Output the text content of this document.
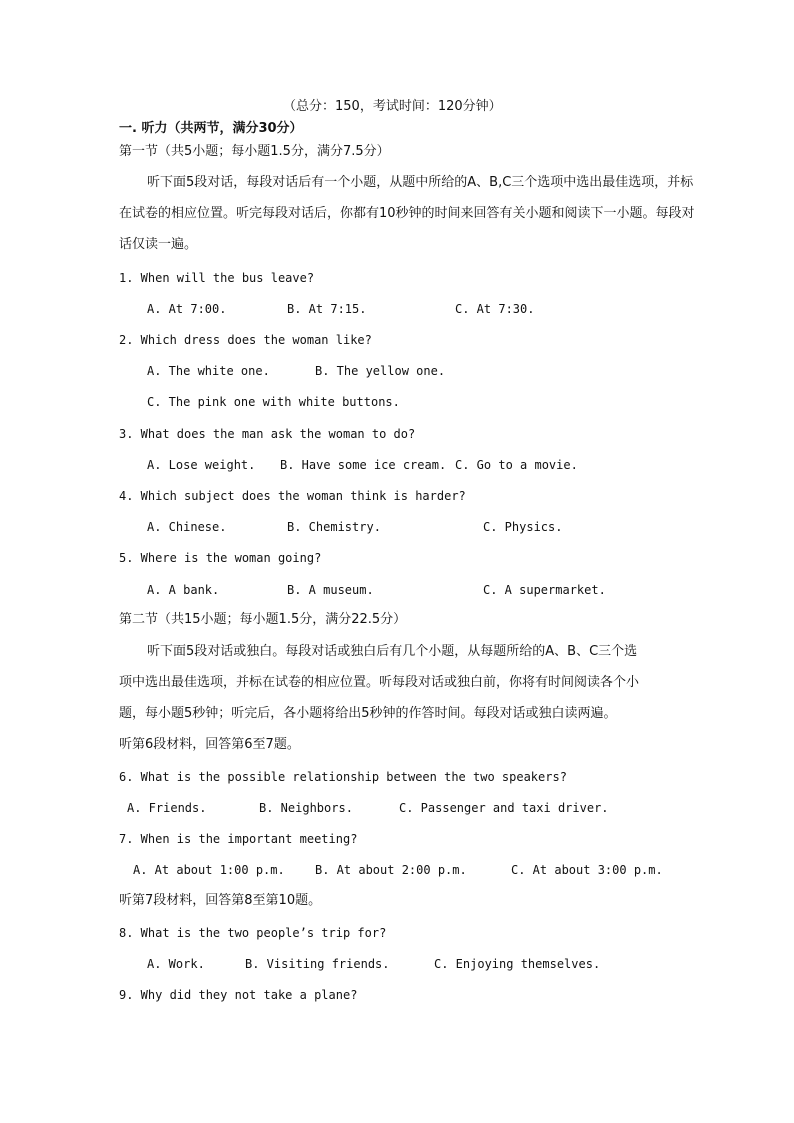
（总分：150，考试时间：120分钟）
一. 听力（共两节，满分30分）
第一节（共5小题；每小题1.5分，满分7.5分）
听下面5段对话，每段对话后有一个小题，从题中所给的A、B,C三个选项中选出最佳选项，并标
在试卷的相应位置。听完每段对话后，你都有10秒钟的时间来回答有关小题和阅读下一小题。每段对
话仅读一遍。
1. When will the bus leave?
A. At 7:00.	B. At 7:15.	C. At 7:30.
2. Which dress does the woman like?
A. The white one.	B. The yellow one.
C. The pink one with white buttons.
3. What does the man ask the woman to do?
A. Lose weight. B. Have some ice cream. C. Go to a movie.
4. Which subject does the woman think is harder?
A. Chinese.	B. Chemistry.	C. Physics.
5. Where is the woman going?
A. A bank.	B. A museum.	C. A supermarket.
第二节（共15小题；每小题1.5分，满分22.5分）
听下面5段对话或独白。每段对话或独白后有几个小题，从每题所给的A、B、C三个选
项中选出最佳选项，并标在试卷的相应位置。听每段对话或独白前，你将有时间阅读各个小
题，每小题5秒钟；听完后，各小题将给出5秒钟的作答时间。每段对话或独白读两遍。
听第6段材料，回答第6至7题。
6. What is the possible relationship between the two speakers?
A. Friends.	B. Neighbors.	C. Passenger and taxi driver.
7. When is the important meeting?
A. At about 1:00 p.m.	B. At about 2:00 p.m.	C. At about 3:00 p.m.
听第7段材料，回答第8至第10题。
8. What is the two people’s trip for?
A. Work.	B. Visiting friends.	C. Enjoying themselves.
9. Why did they not take a plane?
